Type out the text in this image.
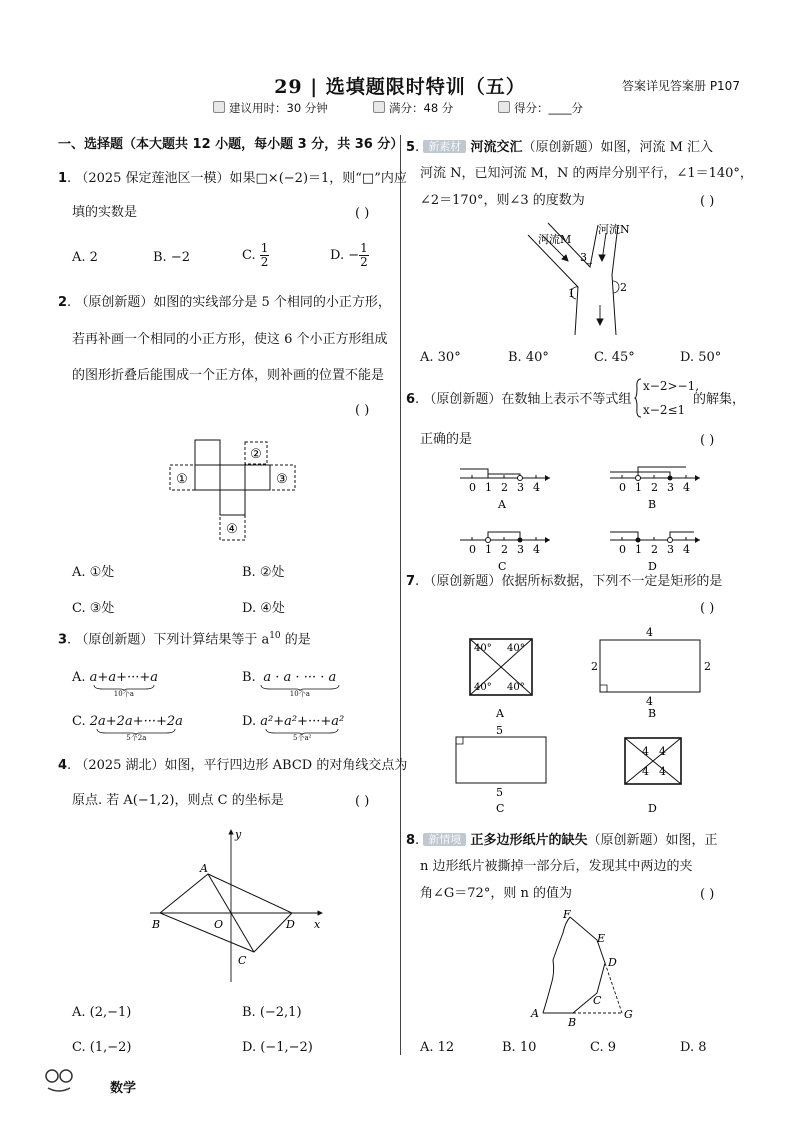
29 | 选填题限时特训（五）	答案详见答案册 P107
建议用时：30 分钟	满分：48 分	得分：____分
一、选择题（本大题共 12 小题，每小题 3 分，共 36 分）
1. （2025 保定莲池区一模）如果□×(−2)＝1，则“□”内应
填的实数是	( )
A. 2	B. −2	C. $\frac{1}{2}$	D. − $\frac{1}{2}$
2. （原创新题）如图的实线部分是 5 个相同的小正方形，
若再补画一个相同的小正方形，使这 6 个小正方形组成
的图形折叠后能围成一个正方体，则补画的位置不能是
( )
①
②
③
④
A. ①处	B. ②处
C. ③处	D. ④处
3. （原创新题）下列计算结果等于 $a^{10}$ 的是
A. a+a+···+a
10个a
B. a · a · ··· · a
10个a
C. 2a+2a+···+2a
5个2a
D. a²+a²+···+a²
5个a²
4. （2025 湖北）如图，平行四边形 ABCD 的对角线交点为
原点. 若 A(−1,2)，则点 C 的坐标是	( )
A
B
C
D
O	x
y
A. (2,−1)	B. (−2,1)
C. (1,−2)	D. (−1,−2)
5. 新素材 河流交汇（原创新题）如图，河流 M 汇入
河流 N，已知河流 M，N 的两岸分别平行，∠1＝140°，
∠2＝170°，则∠3 的度数为	( )
河流M
河流N
1	2
3
A. 30°	B. 40°	C. 45°	D. 50°
6. （原创新题）在数轴上表示不等式组
x−2>−1,
x−2≤1
的解集，
正确的是	( )
0 1 2 3 4
A
0 1 2 3 4
B
0 1 2 3 4
C
0 1 2 3 4
D
7. （原创新题）依据所标数据，下列不一定是矩形的是
( )
40° 40°
40° 40°
A
4
4
2	2
B
5
5
C
4 4
4 4
D
8. 新情境 正多边形纸片的缺失（原创新题）如图，正
n 边形纸片被撕掉一部分后，发现其中两边的夹
角∠G＝72°，则 n 的值为	( )
F
E
D
C
B
A	G
A. 12	B. 10	C. 9	D. 8
数学
